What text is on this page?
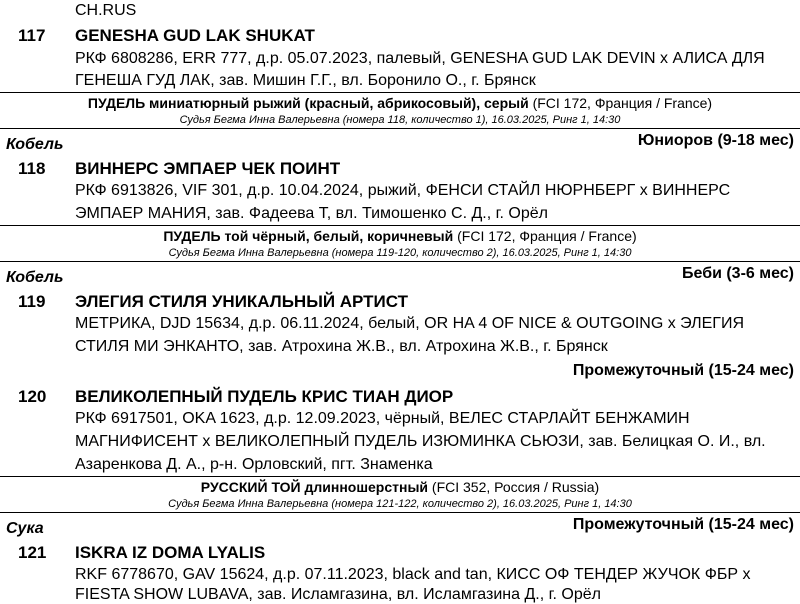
CH.RUS
117 GENESHA GUD LAK SHUKAT
РКФ 6808286, ERR 777, д.р. 05.07.2023, палевый, GENESHA GUD LAK DEVIN x АЛИСА ДЛЯ
ГЕНЕША ГУД ЛАК, зав. Мишин Г.Г., вл. Боронило О., г. Брянск
ПУДЕЛЬ миниатюрный рыжий (красный, абрикосовый), серый (FCI 172, Франция / France)
Судья Бегма Инна Валерьевна (номера 118, количество 1), 16.03.2025, Ринг 1, 14:30
Кобель	Юниоров (9-18 мес)
118 ВИННЕРС ЭМПАЕР ЧЕК ПОИНТ
РКФ 6913826, VIF 301, д.р. 10.04.2024, рыжий, ФЕНСИ СТАЙЛ НЮРНБЕРГ x ВИННЕРС
ЭМПАЕР МАНИЯ, зав. Фадеева Т, вл. Тимошенко С. Д., г. Орёл
ПУДЕЛЬ той чёрный, белый, коричневый (FCI 172, Франция / France)
Судья Бегма Инна Валерьевна (номера 119-120, количество 2), 16.03.2025, Ринг 1, 14:30
Кобель	Беби (3-6 мес)
119 ЭЛЕГИЯ СТИЛЯ УНИКАЛЬНЫЙ АРТИСТ
МЕТРИКА, DJD 15634, д.р. 06.11.2024, белый, OR HA 4 OF NICE & OUTGOING x ЭЛЕГИЯ
СТИЛЯ МИ ЭНКАНТО, зав. Атрохина Ж.В., вл. Атрохина Ж.В., г. Брянск
Промежуточный (15-24 мес)
120 ВЕЛИКОЛЕПНЫЙ ПУДЕЛЬ КРИС ТИАН ДИОР
РКФ 6917501, OKA 1623, д.р. 12.09.2023, чёрный, ВЕЛЕС СТАРЛАЙТ БЕНЖАМИН
МАГНИФИСЕНТ x ВЕЛИКОЛЕПНЫЙ ПУДЕЛЬ ИЗЮМИНКА СЬЮЗИ, зав. Белицкая О. И., вл.
Азаренкова Д. А., р-н. Орловский, пгт. Знаменка
РУССКИЙ ТОЙ длинношерстный (FCI 352, Россия / Russia)
Судья Бегма Инна Валерьевна (номера 121-122, количество 2), 16.03.2025, Ринг 1, 14:30
Сука	Промежуточный (15-24 мес)
121 ISKRA IZ DOMA LYALIS
RKF 6778670, GAV 15624, д.р. 07.11.2023, black and tan, КИСС ОФ ТЕНДЕР ЖУЧОК ФБР x
FIESTA SHOW LUBAVA, зав. Исламгазина, вл. Исламгазина Д., г. Орёл
